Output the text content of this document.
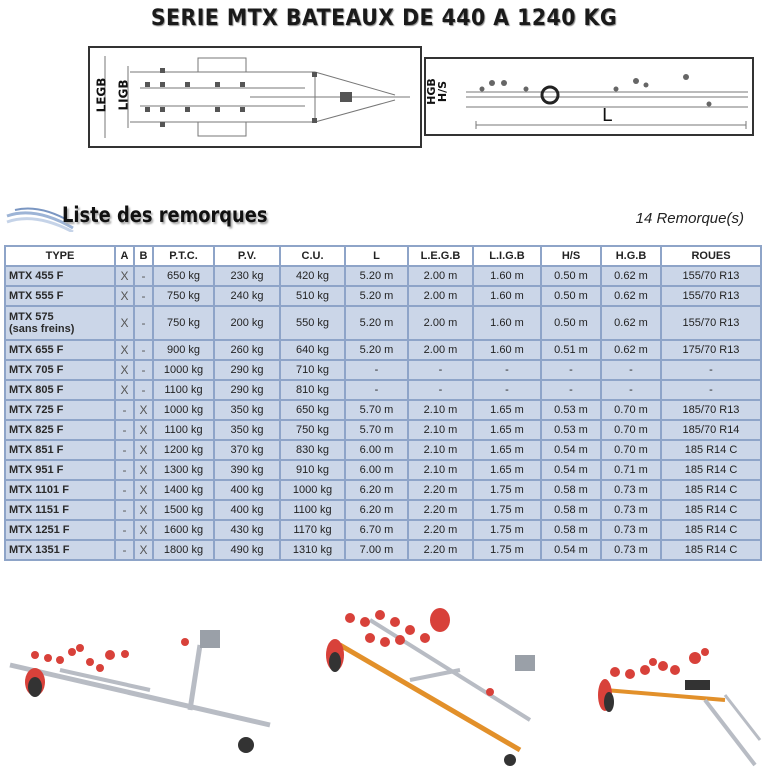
SERIE MTX BATEAUX DE 440 A 1240 KG
LEGB LIGB	HGB
H/S
L
Liste des remorques	14 Remorque(s)
TYPE	A	B	P.T.C.	P.V.	C.U.	L	L.E.G.B	L.I.G.B	H/S	H.G.B	ROUES
MTX 455 F	X	-	650 kg	230 kg	420 kg	5.20 m	2.00 m	1.60 m	0.50 m	0.62 m	155/70 R13
MTX 555 F	X	-	750 kg	240 kg	510 kg	5.20 m	2.00 m	1.60 m	0.50 m	0.62 m	155/70 R13
MTX 575
(sans freins)	X	-	750 kg	200 kg	550 kg	5.20 m	2.00 m	1.60 m	0.50 m	0.62 m	155/70 R13
MTX 655 F	X	-	900 kg	260 kg	640 kg	5.20 m	2.00 m	1.60 m	0.51 m	0.62 m	175/70 R13
MTX 705 F	X	-	1000 kg	290 kg	710 kg	-	-	-	-	-	-
MTX 805 F	X	-	1100 kg	290 kg	810 kg	-	-	-	-	-	-
MTX 725 F	-	X	1000 kg	350 kg	650 kg	5.70 m	2.10 m	1.65 m	0.53 m	0.70 m	185/70 R13
MTX 825 F	-	X	1100 kg	350 kg	750 kg	5.70 m	2.10 m	1.65 m	0.53 m	0.70 m	185/70 R14
MTX 851 F	-	X	1200 kg	370 kg	830 kg	6.00 m	2.10 m	1.65 m	0.54 m	0.70 m	185 R14 C
MTX 951 F	-	X	1300 kg	390 kg	910 kg	6.00 m	2.10 m	1.65 m	0.54 m	0.71 m	185 R14 C
MTX 1101 F	-	X	1400 kg	400 kg	1000 kg	6.20 m	2.20 m	1.75 m	0.58 m	0.73 m	185 R14 C
MTX 1151 F	-	X	1500 kg	400 kg	1100 kg	6.20 m	2.20 m	1.75 m	0.58 m	0.73 m	185 R14 C
MTX 1251 F	-	X	1600 kg	430 kg	1170 kg	6.70 m	2.20 m	1.75 m	0.58 m	0.73 m	185 R14 C
MTX 1351 F	-	X	1800 kg	490 kg	1310 kg	7.00 m	2.20 m	1.75 m	0.54 m	0.73 m	185 R14 C
